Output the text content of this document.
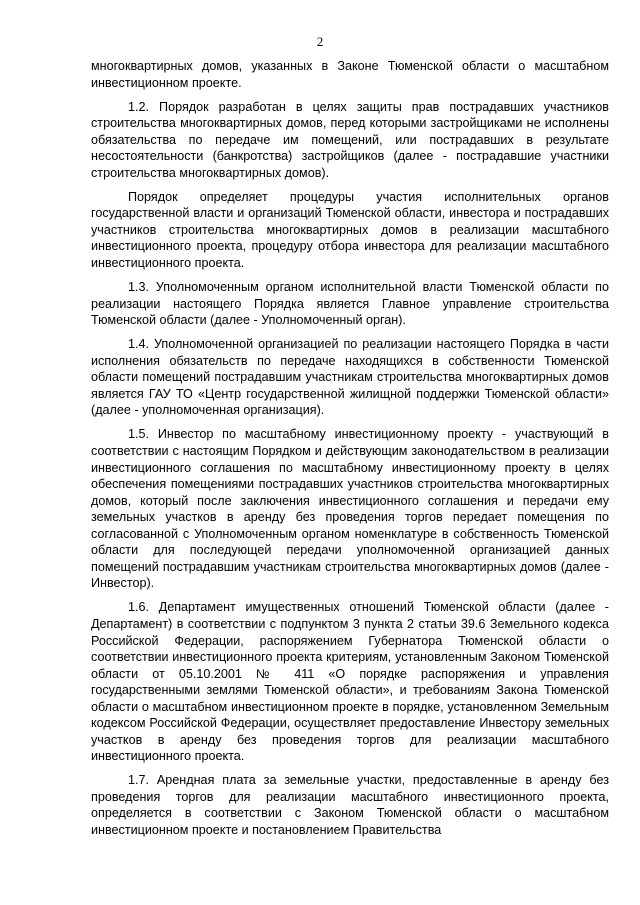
2

многоквартирных домов, указанных в Законе Тюменской области о масштабном инвестиционном проекте.

1.2. Порядок разработан в целях защиты прав пострадавших участников строительства многоквартирных домов, перед которыми застройщиками не исполнены обязательства по передаче им помещений, или пострадавших в результате несостоятельности (банкротства) застройщиков (далее - пострадавшие участники строительства многоквартирных домов).

Порядок определяет процедуры участия исполнительных органов государственной власти и организаций Тюменской области, инвестора и пострадавших участников строительства многоквартирных домов в реализации масштабного инвестиционного проекта, процедуру отбора инвестора для реализации масштабного инвестиционного проекта.

1.3. Уполномоченным органом исполнительной власти Тюменской области по реализации настоящего Порядка является Главное управление строительства Тюменской области (далее - Уполномоченный орган).

1.4. Уполномоченной организацией по реализации настоящего Порядка в части исполнения обязательств по передаче находящихся в собственности Тюменской области помещений пострадавшим участникам строительства многоквартирных домов является ГАУ ТО «Центр государственной жилищной поддержки Тюменской области» (далее - уполномоченная организация).

1.5. Инвестор по масштабному инвестиционному проекту - участвующий в соответствии с настоящим Порядком и действующим законодательством в реализации инвестиционного соглашения по масштабному инвестиционному проекту в целях обеспечения помещениями пострадавших участников строительства многоквартирных домов, который после заключения инвестиционного соглашения и передачи ему земельных участков в аренду без проведения торгов передает помещения по согласованной с Уполномоченным органом номенклатуре в собственность Тюменской области для последующей передачи уполномоченной организацией данных помещений пострадавшим участникам строительства многоквартирных домов (далее - Инвестор).

1.6. Департамент имущественных отношений Тюменской области (далее - Департамент) в соответствии с подпунктом 3 пункта 2 статьи 39.6 Земельного кодекса Российской Федерации, распоряжением Губернатора Тюменской области о соответствии инвестиционного проекта критериям, установленным Законом Тюменской области от 05.10.2001 № 411 «О порядке распоряжения и управления государственными землями Тюменской области», и требованиям Закона Тюменской области о масштабном инвестиционном проекте в порядке, установленном Земельным кодексом Российской Федерации, осуществляет предоставление Инвестору земельных участков в аренду без проведения торгов для реализации масштабного инвестиционного проекта.

1.7. Арендная плата за земельные участки, предоставленные в аренду без проведения торгов для реализации масштабного инвестиционного проекта, определяется в соответствии с Законом Тюменской области о масштабном инвестиционном проекте и постановлением Правительства
